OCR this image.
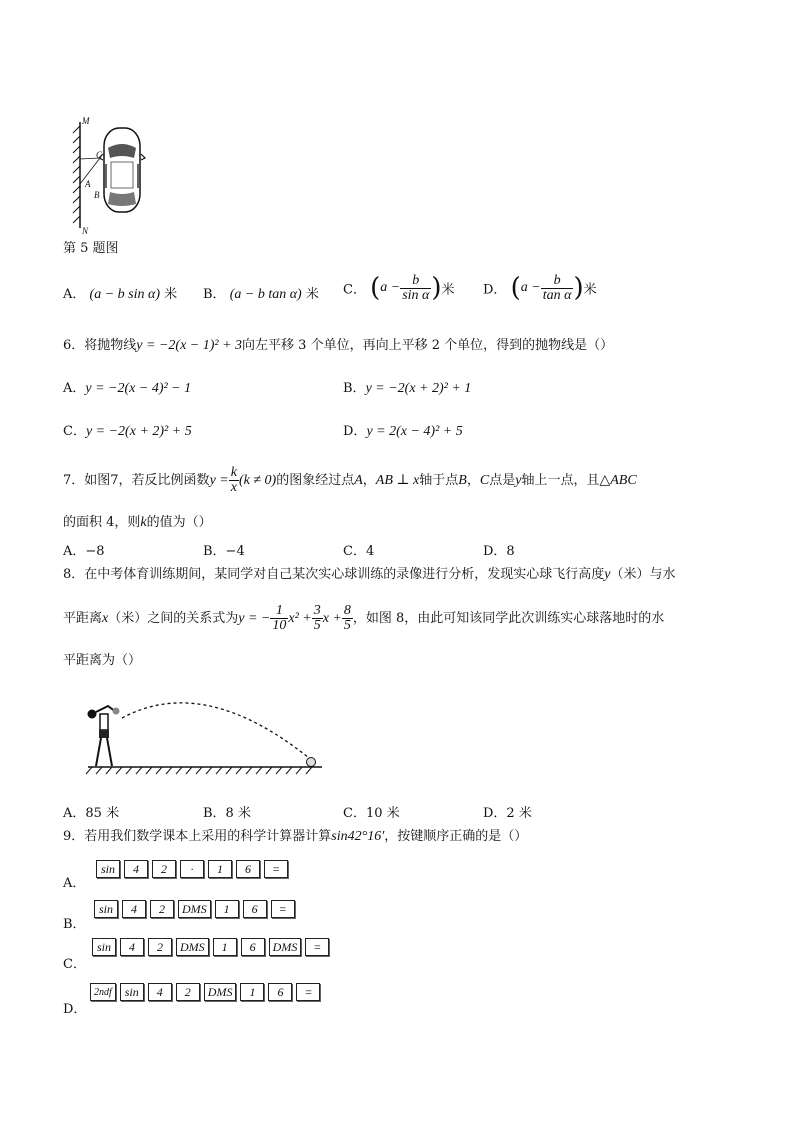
M
C
A
B
N
第 5 题图
A． (a − b sin α) 米 B． (a − b tan α) 米 C． ($a - \frac{b}{\text{sin α}}$ )米 D． ($a - \frac{b}{\text{tan α}}$ )米
6．将抛物线y = −2(x − 1)² + 3向左平移 3 个单位，再向上平移 2 个单位，得到的抛物线是（）
A．y = −2(x − 4)² − 1	B．y = −2(x + 2)² + 1
C．y = −2(x + 2)² + 5	D．y = 2(x − 4)² + 5
7．如图7，若反比例函数$y = \frac{k}{x} (k \ne 0)$的图象经过点A，AB ⊥ x轴于点B，C点是y轴上一点，且△ABC
的面积 4，则k的值为（）
A．−8	B．−4	C．4	D．8
8．在中考体育训练期间，某同学对自己某次实心球训练的录像进行分析，发现实心球飞行高度y（米）与水
平距离x（米）之间的关系式为y = − $\frac{1}{10} x^2 + \frac{3}{5}$ $x + \frac{8}{5}$ ，如图 8，由此可知该同学此次训练实心球落地时的水
平距离为（）
A．85 米	B．8 米	C．10 米	D．2 米
9．若用我们数学课本上采用的科学计算器计算sin42°16′，按键顺序正确的是（）
A．
sin	4	2	·	1	6	=
B．
sin	4	2	DMS	1	6	=
C．
sin	4	2	DMS	1	6	DMS	=
D．
2ndf	sin	4	2	DMS	1	6	=
